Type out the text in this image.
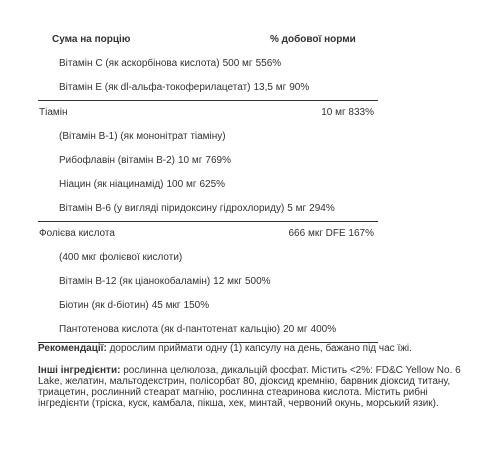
Сума на порцію	% добової норми
Вітамін С (як аскорбінова кислота) 500 мг 556%
Вітамін Е (як dl-альфа-токоферилацетат) 13,5 мг 90%
Тіамін	10 мг 833%
(Вітамін В-1) (як мононітрат тіаміну)
Рибофлавін (вітамін В-2) 10 мг 769%
Ніацин (як ніацинамід) 100 мг 625%
Вітамін В-6 (у вигляді піридоксину гідрохлориду) 5 мг 294%
Фолієва кислота	666 мкг DFE 167%
(400 мкг фолієвої кислоти)
Вітамін В-12 (як ціанокобаламін) 12 мкг 500%
Біотин (як d-біотин) 45 мкг 150%
Пантотенова кислота (як d-пантотенат кальцію) 20 мг 400%

Рекомендації: дорослим приймати одну (1) капсулу на день, бажано під час їжі.

Інші інгредієнти: рослинна целюлоза, дикальцій фосфат. Містить <2%: FD&C Yellow No. 6 Lake, желатин, мальтодекстрин, полісорбат 80, діоксид кремнію, барвник діоксид титану, триацетин, рослинний стеарат магнію, рослинна стеаринова кислота. Містить рибні інгредієнти (тріска, куск, камбала, пікша, хек, минтай, червоний окунь, морський язик).
